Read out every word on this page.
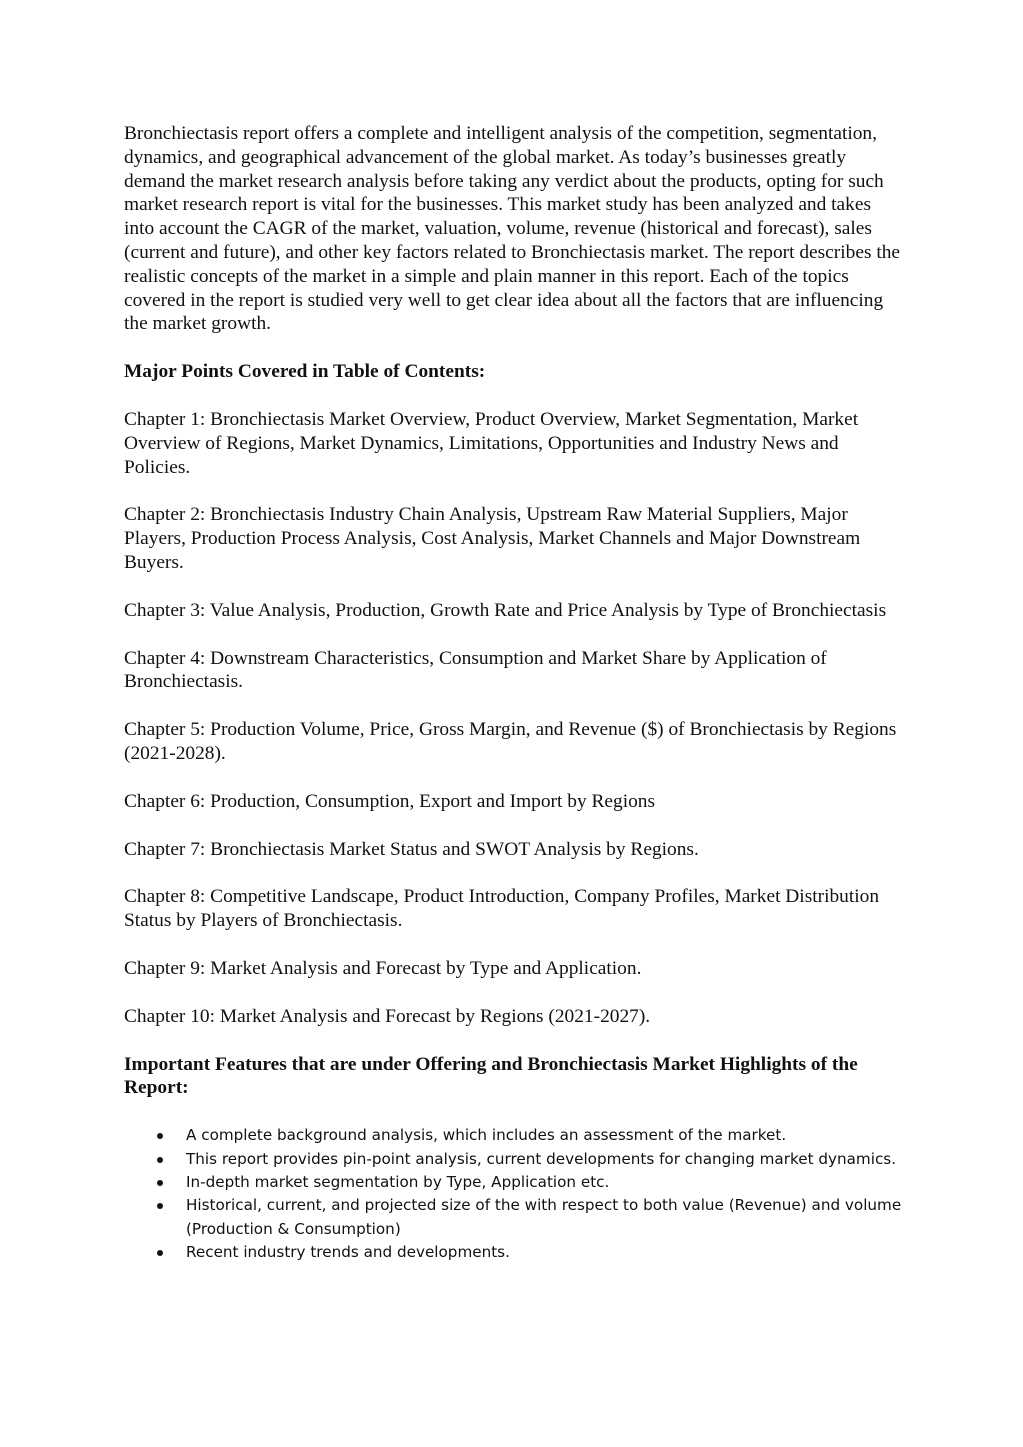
Bronchiectasis report offers a complete and intelligent analysis of the competition, segmentation, dynamics, and geographical advancement of the global market. As today’s businesses greatly demand the market research analysis before taking any verdict about the products, opting for such market research report is vital for the businesses. This market study has been analyzed and takes into account the CAGR of the market, valuation, volume, revenue (historical and forecast), sales (current and future), and other key factors related to Bronchiectasis market. The report describes the realistic concepts of the market in a simple and plain manner in this report. Each of the topics covered in the report is studied very well to get clear idea about all the factors that are influencing the market growth.

Major Points Covered in Table of Contents:

Chapter 1: Bronchiectasis Market Overview, Product Overview, Market Segmentation, Market Overview of Regions, Market Dynamics, Limitations, Opportunities and Industry News and Policies.

Chapter 2: Bronchiectasis Industry Chain Analysis, Upstream Raw Material Suppliers, Major Players, Production Process Analysis, Cost Analysis, Market Channels and Major Downstream Buyers.

Chapter 3: Value Analysis, Production, Growth Rate and Price Analysis by Type of Bronchiectasis

Chapter 4: Downstream Characteristics, Consumption and Market Share by Application of Bronchiectasis.

Chapter 5: Production Volume, Price, Gross Margin, and Revenue ($) of Bronchiectasis by Regions (2021-2028).

Chapter 6: Production, Consumption, Export and Import by Regions

Chapter 7: Bronchiectasis Market Status and SWOT Analysis by Regions.

Chapter 8: Competitive Landscape, Product Introduction, Company Profiles, Market Distribution Status by Players of Bronchiectasis.

Chapter 9: Market Analysis and Forecast by Type and Application.

Chapter 10: Market Analysis and Forecast by Regions (2021-2027).

Important Features that are under Offering and Bronchiectasis Market Highlights of the Report:

A complete background analysis, which includes an assessment of the market.
This report provides pin-point analysis, current developments for changing market dynamics.
In-depth market segmentation by Type, Application etc.
Historical, current, and projected size of the with respect to both value (Revenue) and volume (Production & Consumption)
Recent industry trends and developments.
